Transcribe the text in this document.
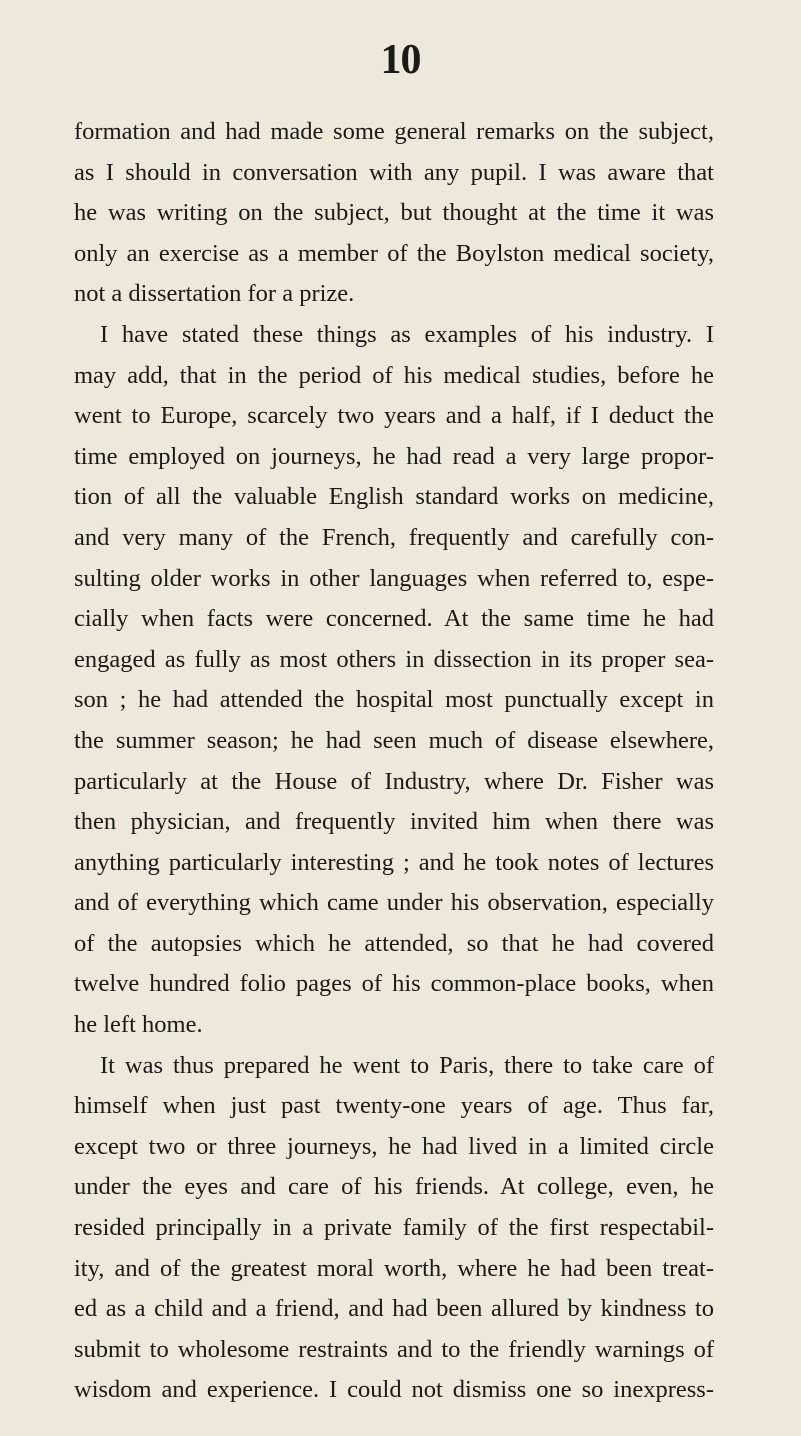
10
formation and had made some general remarks on the subject,
as I should in conversation with any pupil. I was aware that
he was writing on the subject, but thought at the time it was
only an exercise as a member of the Boylston medical society,
not a dissertation for a prize.
I have stated these things as examples of his industry. I
may add, that in the period of his medical studies, before he
went to Europe, scarcely two years and a half, if I deduct the
time employed on journeys, he had read a very large propor-
tion of all the valuable English standard works on medicine,
and very many of the French, frequently and carefully con-
sulting older works in other languages when referred to, espe-
cially when facts were concerned. At the same time he had
engaged as fully as most others in dissection in its proper sea-
son ; he had attended the hospital most punctually except in
the summer season; he had seen much of disease elsewhere,
particularly at the House of Industry, where Dr. Fisher was
then physician, and frequently invited him when there was
anything particularly interesting ; and he took notes of lectures
and of everything which came under his observation, especially
of the autopsies which he attended, so that he had covered
twelve hundred folio pages of his common-place books, when
he left home.
It was thus prepared he went to Paris, there to take care of
himself when just past twenty-one years of age. Thus far,
except two or three journeys, he had lived in a limited circle
under the eyes and care of his friends. At college, even, he
resided principally in a private family of the first respectabil-
ity, and of the greatest moral worth, where he had been treat-
ed as a child and a friend, and had been allured by kindness to
submit to wholesome restraints and to the friendly warnings of
wisdom and experience. I could not dismiss one so inexpress-
